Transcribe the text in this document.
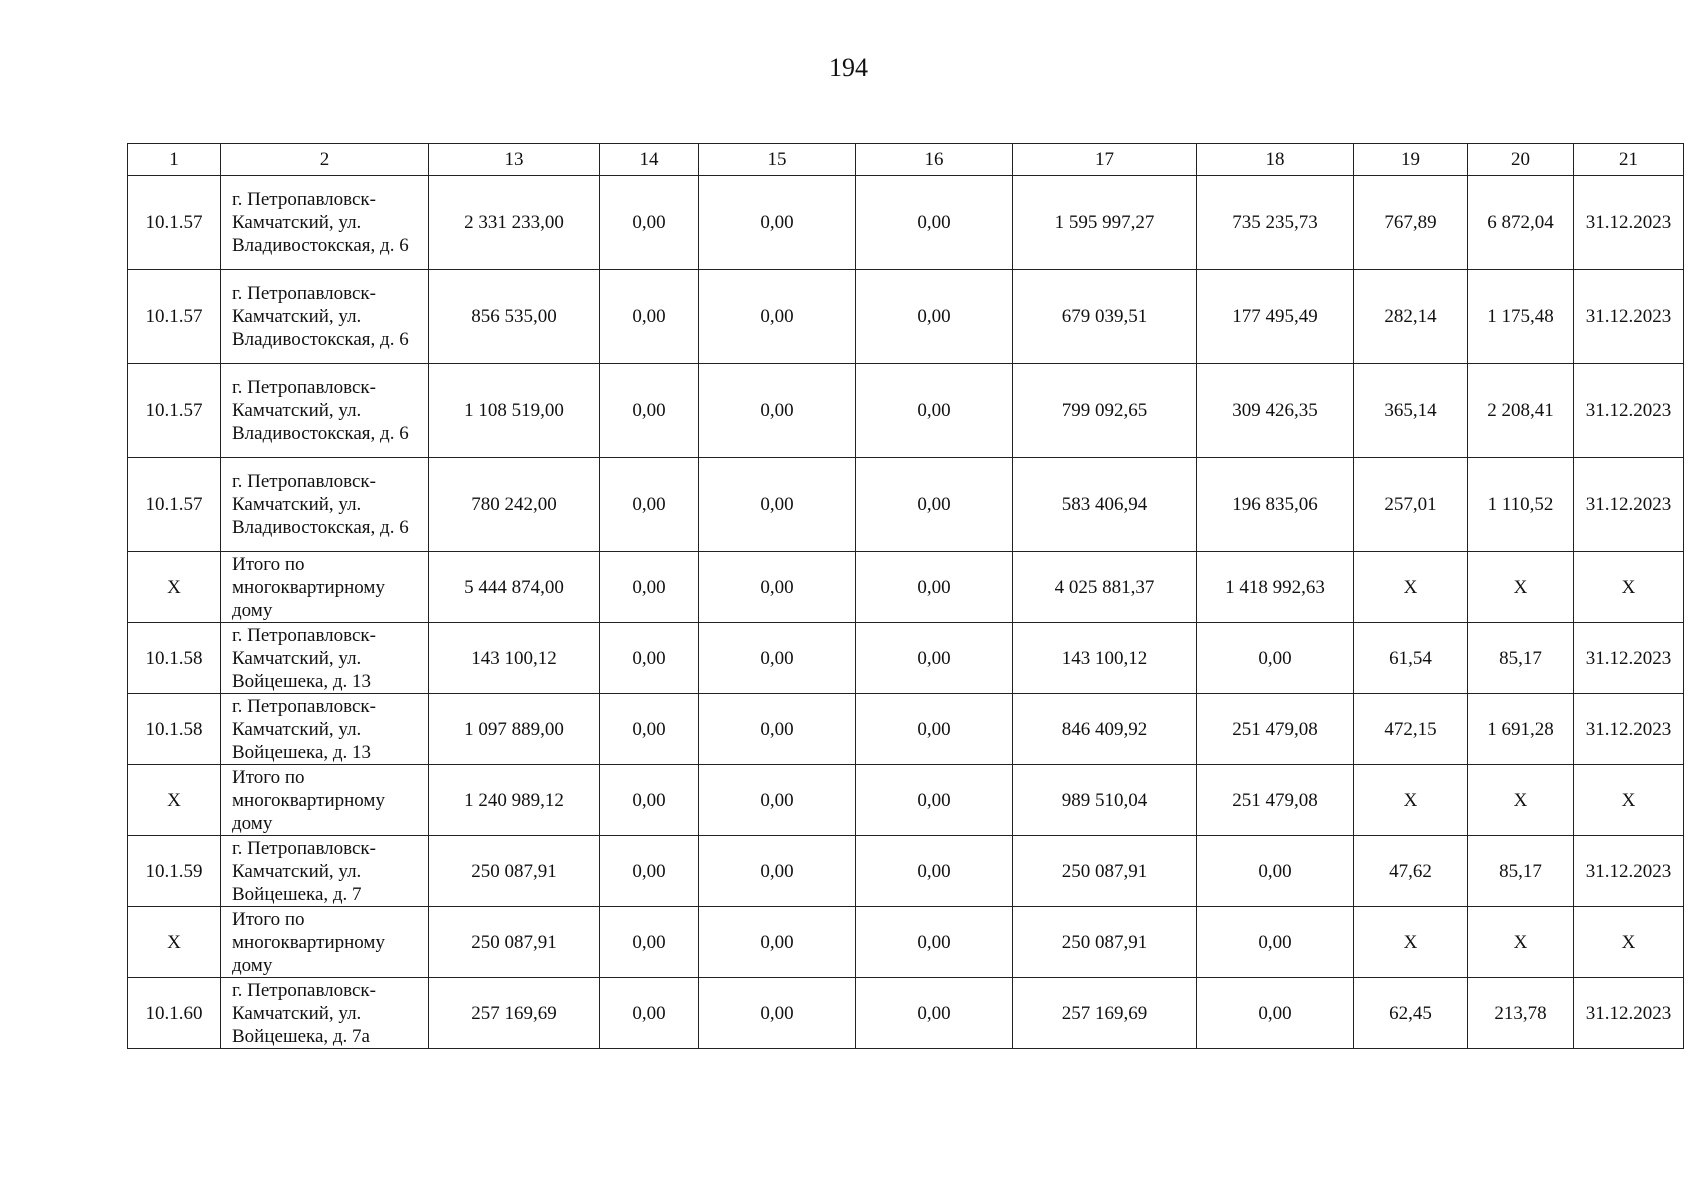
194
1	2	13	14	15	16	17	18	19	20	21
10.1.57	г. Петропавловск-Камчатский, ул. Владивостокская, д. 6	2 331 233,00	0,00	0,00	0,00	1 595 997,27	735 235,73	767,89	6 872,04	31.12.2023
10.1.57	г. Петропавловск-Камчатский, ул. Владивостокская, д. 6	856 535,00	0,00	0,00	0,00	679 039,51	177 495,49	282,14	1 175,48	31.12.2023
10.1.57	г. Петропавловск-Камчатский, ул. Владивостокская, д. 6	1 108 519,00	0,00	0,00	0,00	799 092,65	309 426,35	365,14	2 208,41	31.12.2023
10.1.57	г. Петропавловск-Камчатский, ул. Владивостокская, д. 6	780 242,00	0,00	0,00	0,00	583 406,94	196 835,06	257,01	1 110,52	31.12.2023
X	Итого по многоквартирному дому	5 444 874,00	0,00	0,00	0,00	4 025 881,37	1 418 992,63	X	X	X
10.1.58	г. Петропавловск-Камчатский, ул. Войцешека, д. 13	143 100,12	0,00	0,00	0,00	143 100,12	0,00	61,54	85,17	31.12.2023
10.1.58	г. Петропавловск-Камчатский, ул. Войцешека, д. 13	1 097 889,00	0,00	0,00	0,00	846 409,92	251 479,08	472,15	1 691,28	31.12.2023
X	Итого по многоквартирному дому	1 240 989,12	0,00	0,00	0,00	989 510,04	251 479,08	X	X	X
10.1.59	г. Петропавловск-Камчатский, ул. Войцешека, д. 7	250 087,91	0,00	0,00	0,00	250 087,91	0,00	47,62	85,17	31.12.2023
X	Итого по многоквартирному дому	250 087,91	0,00	0,00	0,00	250 087,91	0,00	X	X	X
10.1.60	г. Петропавловск-Камчатский, ул. Войцешека, д. 7а	257 169,69	0,00	0,00	0,00	257 169,69	0,00	62,45	213,78	31.12.2023
